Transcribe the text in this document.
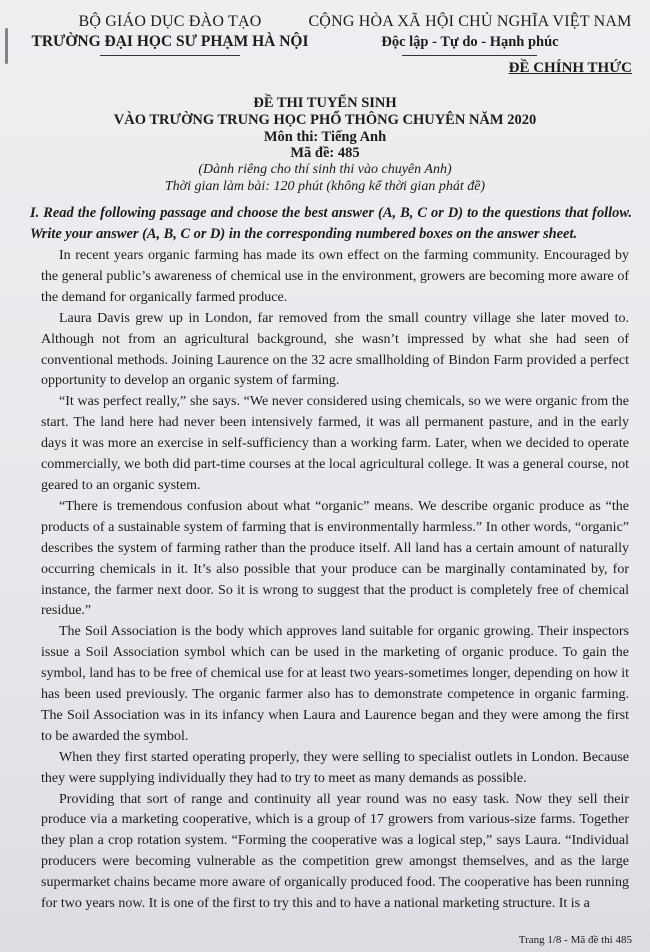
BỘ GIÁO DỤC ĐÀO TẠO
TRƯỜNG ĐẠI HỌC SƯ PHẠM HÀ NỘI
CỘNG HÒA XÃ HỘI CHỦ NGHĨA VIỆT NAM
Độc lập - Tự do - Hạnh phúc
ĐỀ CHÍNH THỨC
ĐỀ THI TUYỂN SINH
VÀO TRƯỜNG TRUNG HỌC PHỔ THÔNG CHUYÊN NĂM 2020
Môn thi: Tiếng Anh
Mã đề: 485
(Dành riêng cho thí sinh thi vào chuyên Anh)
Thời gian làm bài: 120 phút (không kể thời gian phát đề)
I. Read the following passage and choose the best answer (A, B, C or D) to the questions that follow. Write your answer (A, B, C or D) in the corresponding numbered boxes on the answer sheet.

In recent years organic farming has made its own effect on the farming community. Encouraged by the general public’s awareness of chemical use in the environment, growers are becoming more aware of the demand for organically farmed produce.

Laura Davis grew up in London, far removed from the small country village she later moved to. Although not from an agricultural background, she wasn’t impressed by what she had seen of conventional methods. Joining Laurence on the 32 acre smallholding of Bindon Farm provided a perfect opportunity to develop an organic system of farming.

“It was perfect really,” she says. “We never considered using chemicals, so we were organic from the start. The land here had never been intensively farmed, it was all permanent pasture, and in the early days it was more an exercise in self-sufficiency than a working farm. Later, when we decided to operate commercially, we both did part-time courses at the local agricultural college. It was a general course, not geared to an organic system.

“There is tremendous confusion about what “organic” means. We describe organic produce as “the products of a sustainable system of farming that is environmentally harmless.” In other words, “organic” describes the system of farming rather than the produce itself. All land has a certain amount of naturally occurring chemicals in it. It’s also possible that your produce can be marginally contaminated by, for instance, the farmer next door. So it is wrong to suggest that the product is completely free of chemical residue.”

The Soil Association is the body which approves land suitable for organic growing. Their inspectors issue a Soil Association symbol which can be used in the marketing of organic produce. To gain the symbol, land has to be free of chemical use for at least two years-sometimes longer, depending on how it has been used previously. The organic farmer also has to demonstrate competence in organic farming. The Soil Association was in its infancy when Laura and Laurence began and they were among the first to be awarded the symbol.

When they first started operating properly, they were selling to specialist outlets in London. Because they were supplying individually they had to try to meet as many demands as possible.

Providing that sort of range and continuity all year round was no easy task. Now they sell their produce via a marketing cooperative, which is a group of 17 growers from various-size farms. Together they plan a crop rotation system. “Forming the cooperative was a logical step,” says Laura. “Individual producers were becoming vulnerable as the competition grew amongst themselves, and as the large supermarket chains became more aware of organically produced food. The cooperative has been running for two years now. It is one of the first to try this and to have a national marketing structure. It is a

Trang 1/8 - Mã đề thi 485
